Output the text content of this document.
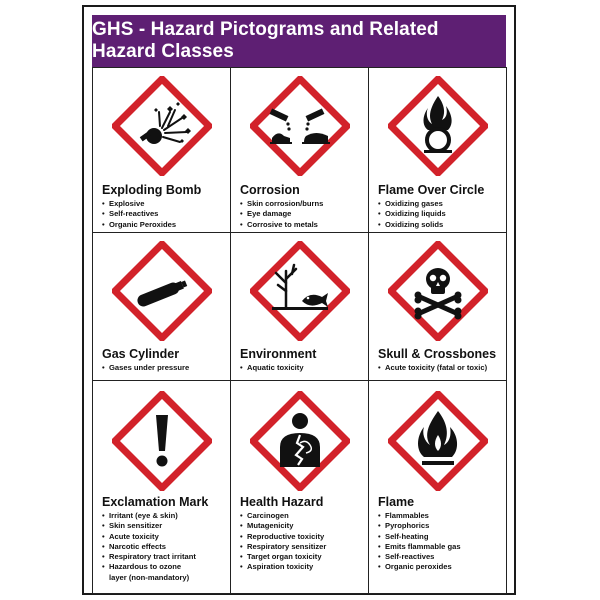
GHS - Hazard Pictograms and Related Hazard Classes
Exploding Bomb
• Explosive
• Self-reactives
• Organic Peroxides
Corrosion
• Skin corrosion/burns
• Eye damage
• Corrosive to metals
Flame Over Circle
• Oxidizing gases
• Oxidizing liquids
• Oxidizing solids
Gas Cylinder
• Gases under pressure
Environment
• Aquatic toxicity
Skull & Crossbones
• Acute toxicity (fatal or toxic)
Exclamation Mark
• Irritant (eye & skin)
• Skin sensitizer
• Acute toxicity
• Narcotic effects
• Respiratory tract irritant
• Hazardous to ozone
layer (non-mandatory)
Health Hazard
• Carcinogen
• Mutagenicity
• Reproductive toxicity
• Respiratory sensitizer
• Target organ toxicity
• Aspiration toxicity
Flame
• Flammables
• Pyrophorics
• Self-heating
• Emits flammable gas
• Self-reactives
• Organic peroxides
